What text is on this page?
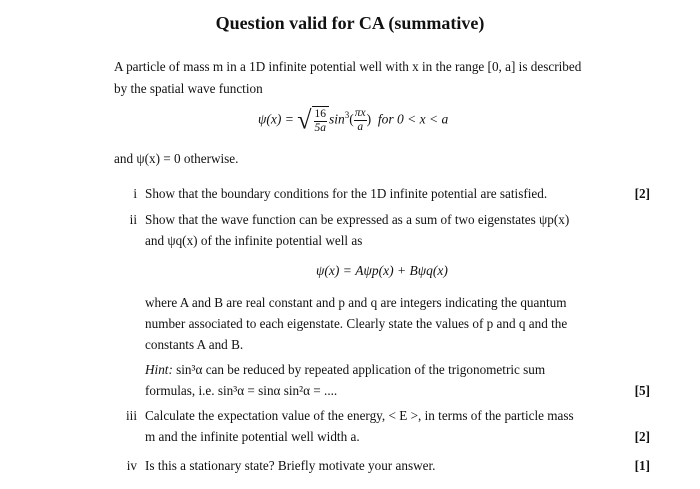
Question valid for CA (summative)
A particle of mass m in a 1D infinite potential well with x in the range [0, a] is described
by the spatial wave function
ψ(x) = √ $\frac{16}{5a} \sin^3( \frac{\pi x}{a}$ )  for 0 < x < a
and ψ(x) = 0 otherwise.
i Show that the boundary conditions for the 1D infinite potential are satisfied.	[2]
ii Show that the wave function can be expressed as a sum of two eigenstates ψp(x)
and ψq(x) of the infinite potential well as
ψ(x) = Aψp(x) + Bψq(x)
where A and B are real constant and p and q are integers indicating the quantum
number associated to each eigenstate. Clearly state the values of p and q and the
constants A and B.
Hint: sin³α can be reduced by repeated application of the trigonometric sum
formulas, i.e. sin³α = sinα sin²α = ....	[5]
iii Calculate the expectation value of the energy, < E >, in terms of the particle mass
m and the infinite potential well width a.	[2]
iv Is this a stationary state? Briefly motivate your answer.	[1]
